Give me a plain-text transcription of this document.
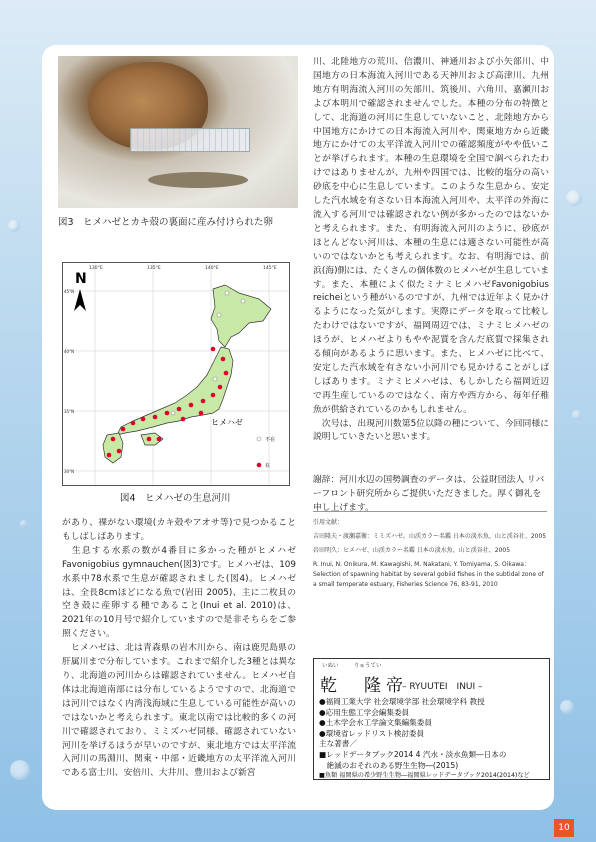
図3　ヒメハゼとカキ殻の裏面に産み付けられた卵
N
ヒメハゼ
不在
在
130°E	135°E	140°E	145°E
45°N
40°N
35°N
30°N
図4　ヒメハゼの生息河川

があり、裸がない環境(カキ殻やアオサ等)で見つかることもしばしばあります。

　生息する水系の数が4番目に多かった種がヒメハゼFavonigobius gymnauchen(図3)です。ヒメハゼは、109水系中78水系で生息が確認されました(図4)。ヒメハゼは、全長8cmほどになる魚で(岩田 2005)、主に二枚貝の空き殻に産卵する種であること(Inui et al. 2010)は、2021年の10月号で紹介していますので是非そちらをご参照ください。

　ヒメハゼは、北は青森県の岩木川から、南は鹿児島県の肝属川まで分布しています。これまで紹介した3種とは異なり、北海道の河川からは確認されていません。ヒメハゼ自体は北海道南部には分布しているようですので、北海道では河川ではなく内湾浅海域に生息している可能性が高いのではないかと考えられます。東北以南では比較的多くの河川で確認されており、ミミズハゼ同様、確認されていない河川を挙げるほうが早いのですが、東北地方では太平洋流入河川の馬淵川、関東・中部・近畿地方の太平洋流入河川である富士川、安倍川、大井川、豊川および新宮

川、北陸地方の荒川、信濃川、神通川および小矢部川、中国地方の日本海流入河川である天神川および高津川、九州地方有明海流入河川の矢部川、筑後川、六角川、嘉瀬川および本明川で確認されませんでした。本種の分布の特徴として、北海道の河川に生息していないこと、北陸地方から中国地方にかけての日本海流入河川や、関東地方から近畿地方にかけての太平洋流入河川での確認頻度がやや低いことが挙げられます。本種の生息環境を全国で調べられたわけではありませんが、九州や四国では、比較的塩分の高い砂底を中心に生息しています。このような生息から、安定した汽水域を有さない日本海流入河川や、太平洋の外海に流入する河川では確認されない例が多かったのではないかと考えられます。また、有明海流入河川のように、砂底がほとんどない河川は、本種の生息には適さない可能性が高いのではないかとも考えられます。なお、有明海では、前浜(海)側には、たくさんの個体数のヒメハゼが生息しています。また、本種によく似たミナミヒメハゼFavonigobius reicheiという種がいるのですが、九州では近年よく見かけるようになった気がします。実際にデータを取って比較したわけではないですが、福岡周辺では、ミナミヒメハゼのほうが、ヒメハゼよりもやや泥質を含んだ底質で採集される傾向があるように思います。また、ヒメハゼに比べて、安定した汽水域を有さない小河川でも見かけることがしばしばあります。ミナミヒメハゼは、もしかしたら福岡近辺で再生産しているのではなく、南方や西方から、毎年仔稚魚が供給されているのかもしれません。

　次号は、出現河川数第5位以降の種について、今回同様に説明していきたいと思います。

謝辞：河川水辺の国勢調査のデータは、公益財団法人 リバーフロント研究所からご提供いただきました。厚く御礼を申し上げます。

引用文献：

吉田隆夫・渡瀬嘉衛：ミミズハゼ。山渓カラー名鑑 日本の淡水魚、山と渓谷社、2005

岩田明久：ヒメハゼ、山渓カラー名鑑 日本の淡水魚、山と渓谷社、2005

R. Inui, N. Onikura, M. Kawagishi, M. Nakatani, Y. Tomiyama, S. Oikawa：Selection of spawning habitat by several gobiid fishes in the subtidal zone of a small temperate estuary, Fisheries Science 76, 83-91, 2010

いぬい	りゅうてい
乾　隆帝
– RYUUTEI　INUI –
●福岡工業大学 社会環境学部 社会環境学科 教授
●応用生態工学会編集委員
●土木学会水工学論文集編集委員
●環境省レッドリスト検討委員
主な著書／
■レッドデータブック2014 4 汽水・淡水魚類―日本の
　絶滅のおそれのある野生生物―(2015)
■魚類 福岡県の希少野生生物―福岡県レッドデータブック2014(2014)など
10
